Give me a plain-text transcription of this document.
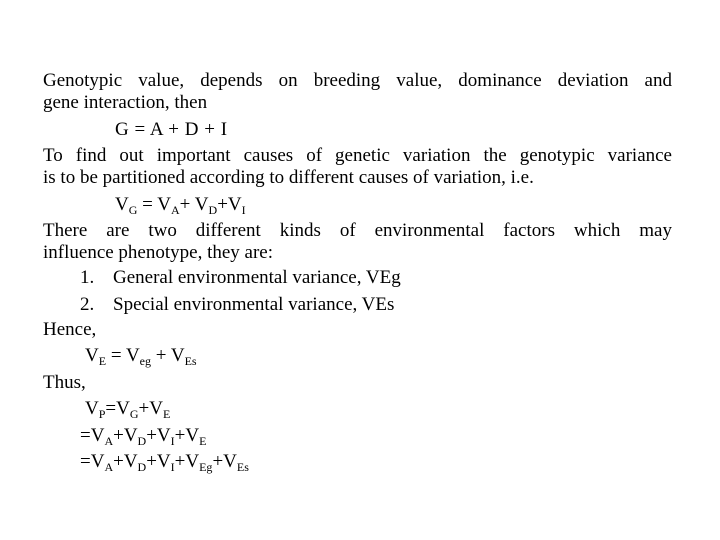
Genotypic value, depends on breeding value, dominance deviation and
gene interaction, then
G = A + D + I
To find out important causes of genetic variation the genotypic variance
is to be partitioned according to different causes of variation, i.e.
$V_G = V_A+ V_D+V_I$
There are two different kinds of environmental factors which may
influence phenotype, they are:
1. General environmental variance, VEg
2. Special environmental variance, VEs
Hence,
$V_E = V_{eg} + V_{Es}$
Thus,
$V_P=V_G+V_E$
$=V_A+V_D+V_I+V_E$
$=V_A+V_D+V_I+V_{Eg}+V_{Es}$
